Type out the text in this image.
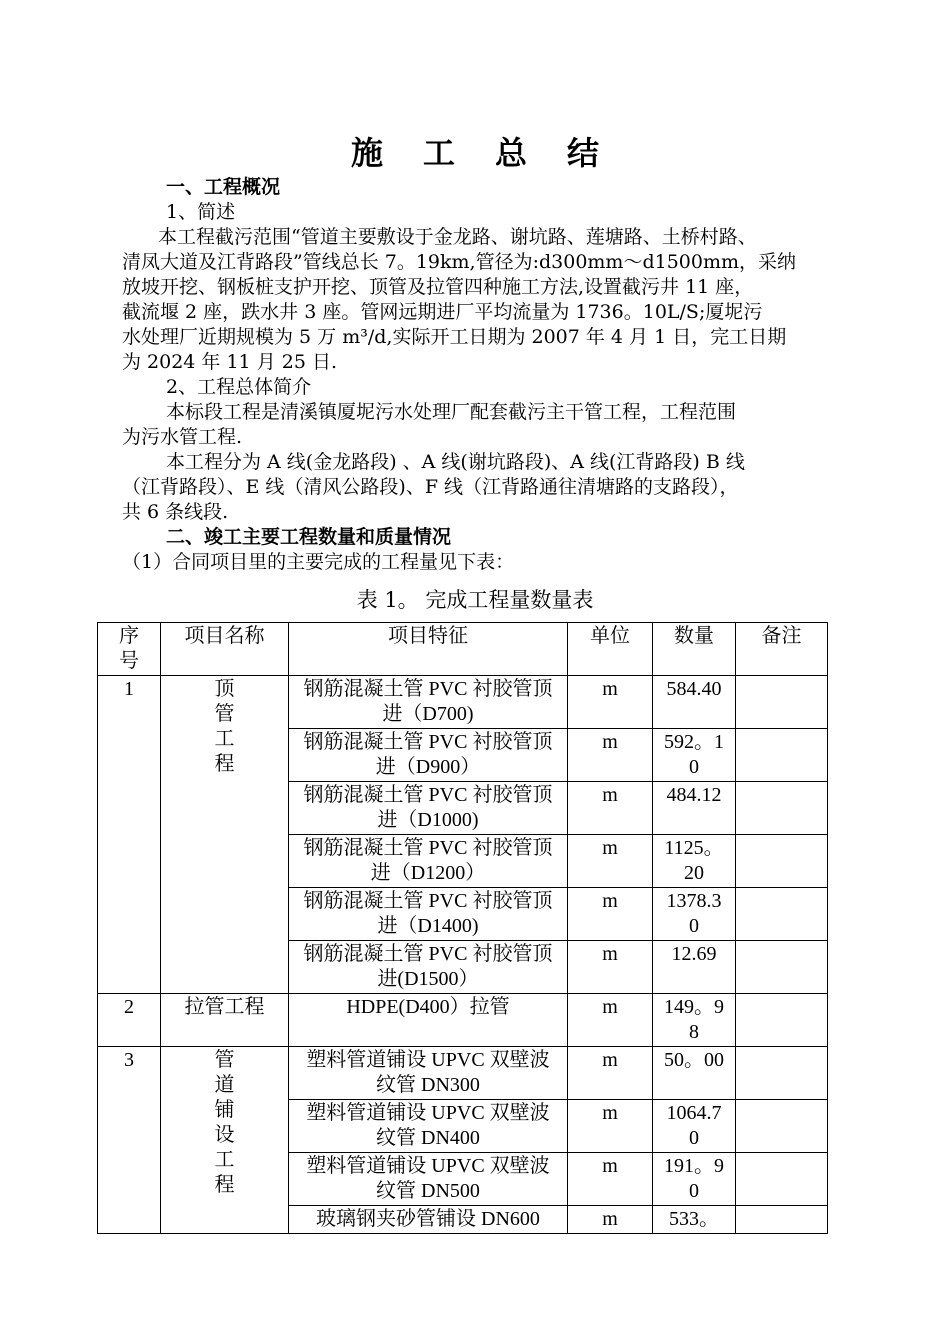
施 工 总 结
一、工程概况
1、简述
本工程截污范围“管道主要敷设于金龙路、谢坑路、莲塘路、土桥村路、
清凤大道及江背路段”管线总长 7。19km,管径为:d300mm～d1500mm，采纳
放坡开挖、钢板桩支护开挖、顶管及拉管四种施工方法,设置截污井 11 座，
截流堰 2 座，跌水井 3 座。管网远期进厂平均流量为 1736。10L/S;厦坭污
水处理厂近期规模为 5 万 m³/d,实际开工日期为 2007 年 4 月 1 日，完工日期
为 2024 年 11 月 25 日.
2、工程总体简介
本标段工程是清溪镇厦坭污水处理厂配套截污主干管工程，工程范围
为污水管工程.
本工程分为 A 线(金龙路段) 、A 线(谢坑路段)、A 线(江背路段) B 线
（江背路段）、E 线（清风公路段)、F 线（江背路通往清塘路的支路段），
共 6 条线段.
二、竣工主要工程数量和质量情况
（1）合同项目里的主要完成的工程量见下表：
表 1。 完成工程量数量表
序号	项目名称	项目特征	单位	数量	备注
1	顶管工程	钢筋混凝土管 PVC 衬胶管顶进（D700)	m	584.40	

		钢筋混凝土管 PVC 衬胶管顶进（D900）	m	592。10	

		钢筋混凝土管 PVC 衬胶管顶进（D1000)	m	484.12	

		钢筋混凝土管 PVC 衬胶管顶进（D1200）	m	1125。20	

		钢筋混凝土管 PVC 衬胶管顶进（D1400)	m	1378.30	

		钢筋混凝土管 PVC 衬胶管顶进(D1500）	m	12.69	

2	拉管工程	HDPE(D400）拉管	m	149。98	

3	管道铺设工程	塑料管道铺设 UPVC 双壁波纹管 DN300	m	50。00	

		塑料管道铺设 UPVC 双壁波纹管 DN400	m	1064.70	

		塑料管道铺设 UPVC 双壁波纹管 DN500	m	191。90	

		玻璃钢夹砂管铺设 DN600	m	533。	
